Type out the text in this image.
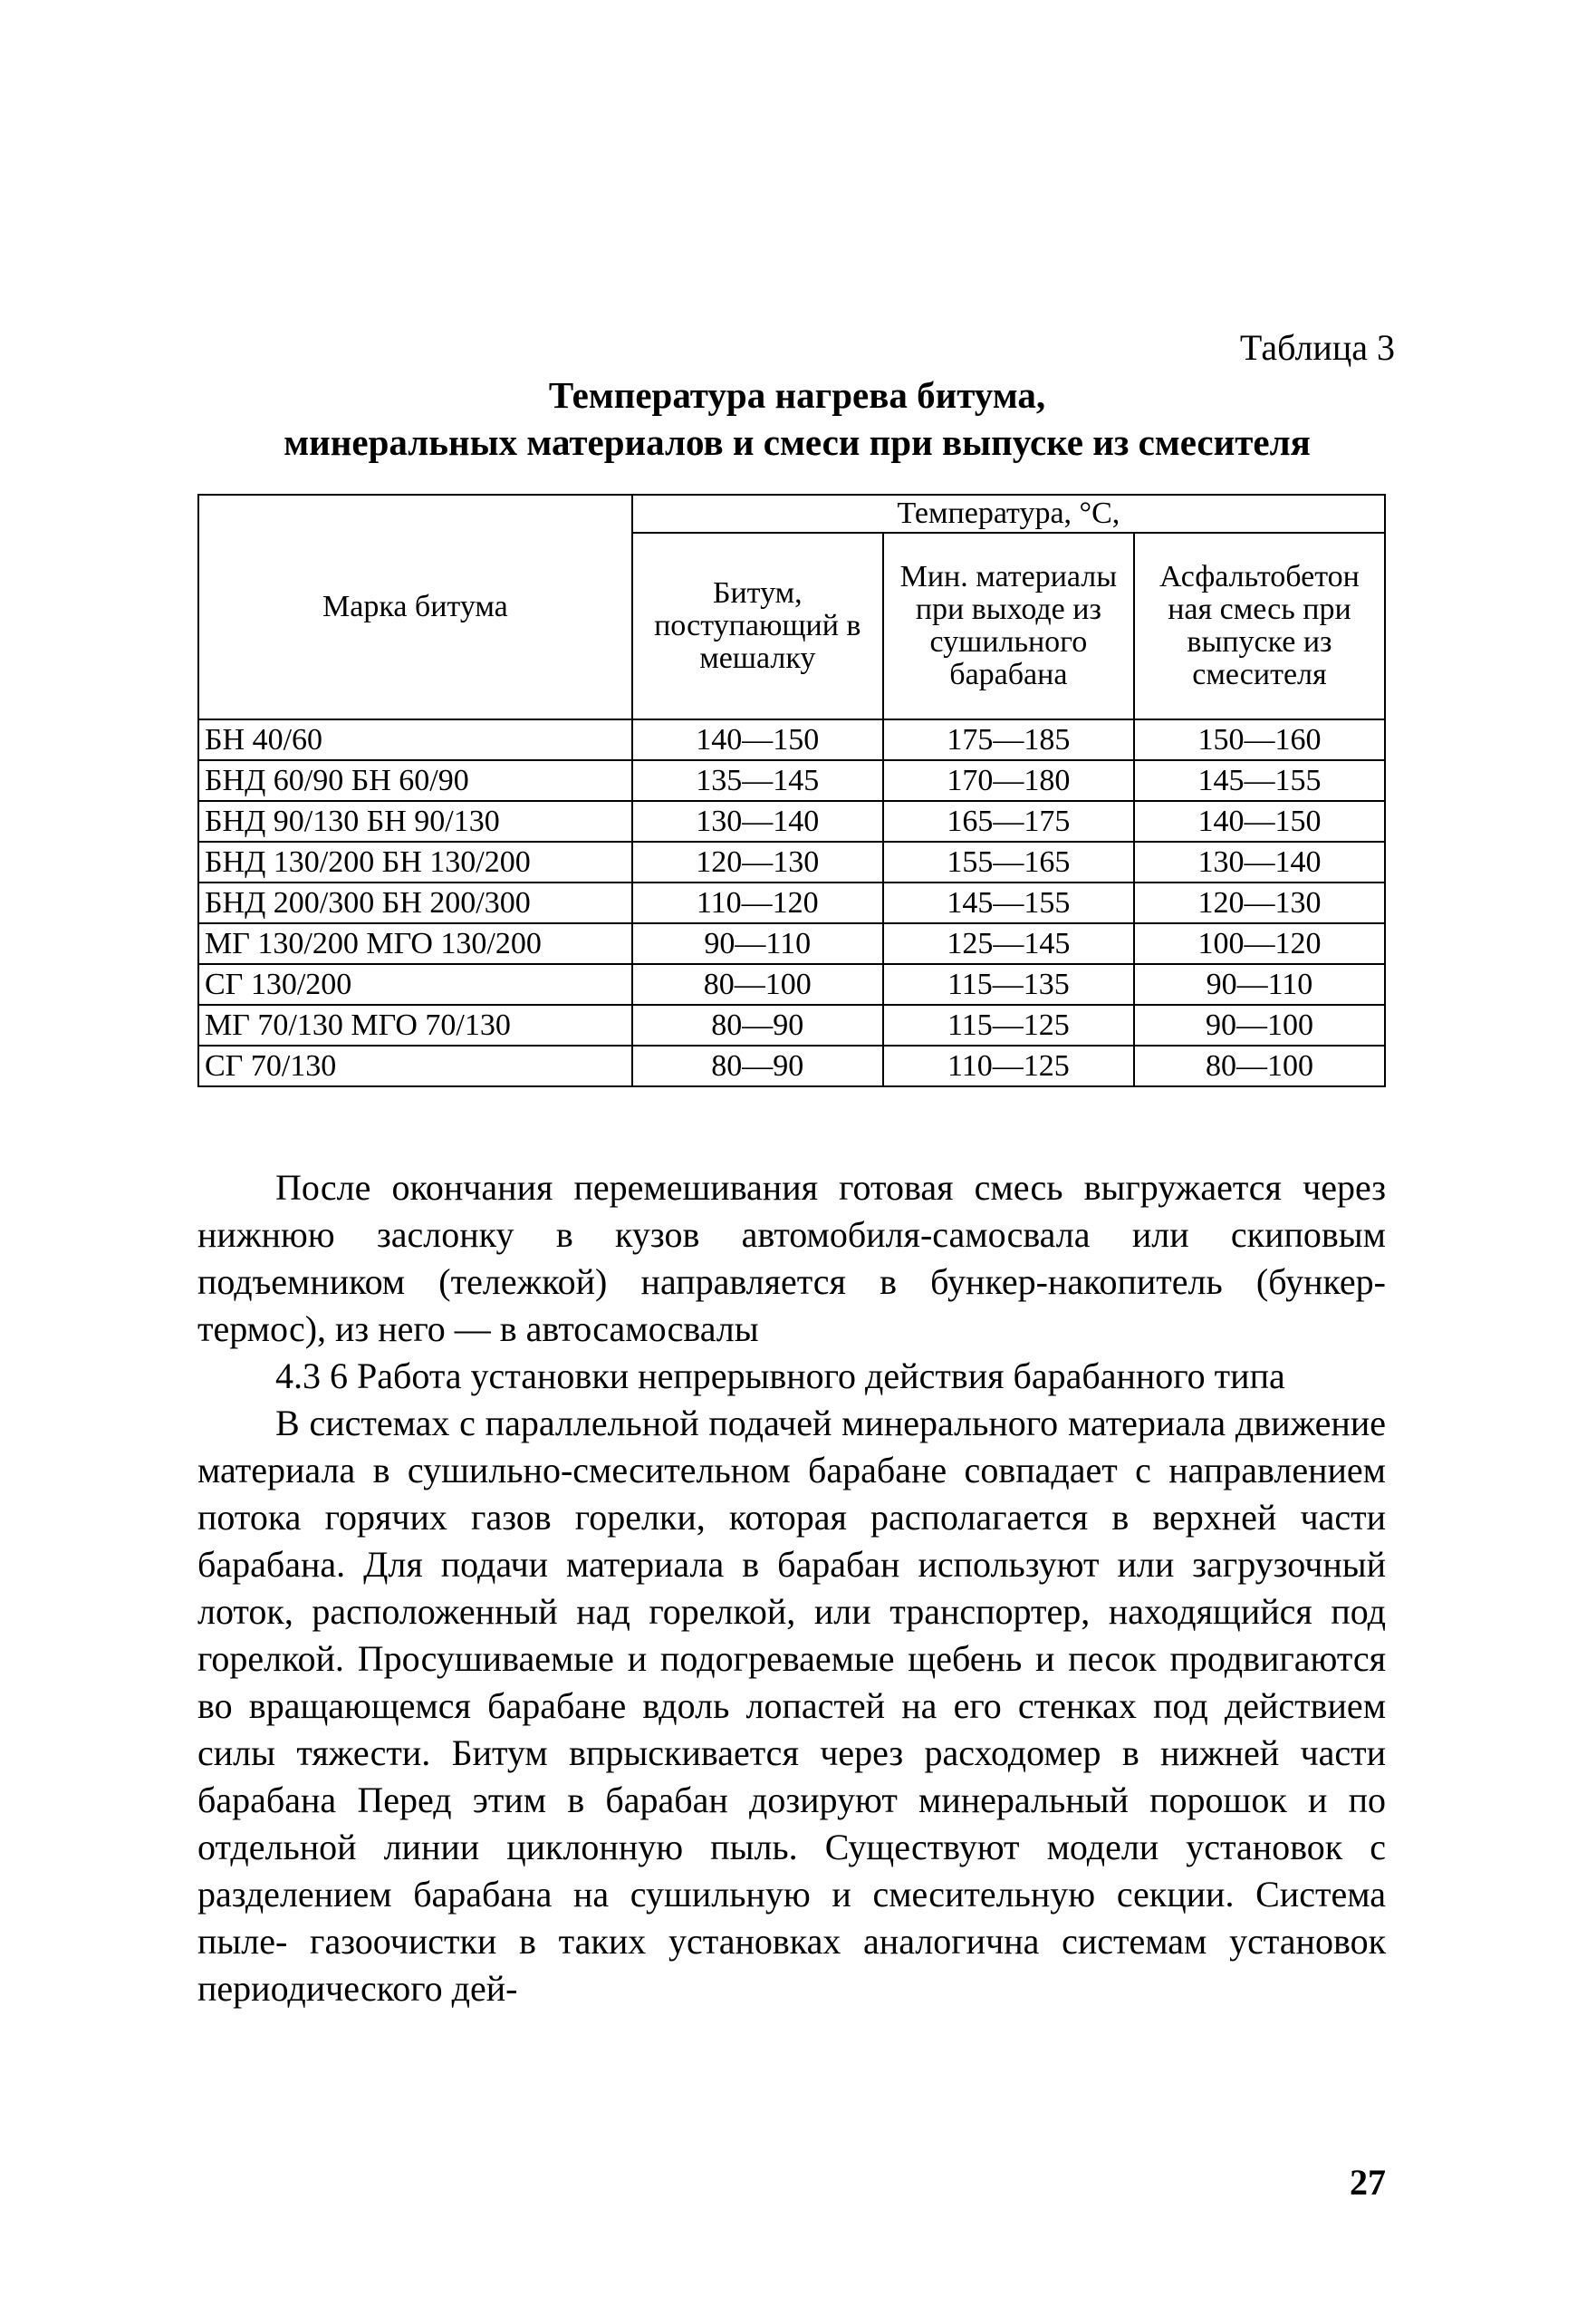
Таблица 3
Температура нагрева битума,
минеральных материалов и смеси при выпуске из смесителя
Марка битума	Температура, °С,		
	Битум, поступающий в мешалку	Мин. материалы при выходе из сушильного барабана	Асфальтобетон ная смесь при выпуске из смесителя
БН 40/60	140—150	175—185	150—160
БНД 60/90 БН 60/90	135—145	170—180	145—155
БНД 90/130 БН 90/130	130—140	165—175	140—150
БНД 130/200 БН 130/200	120—130	155—165	130—140
БНД 200/300 БН 200/300	110—120	145—155	120—130
МГ 130/200 МГО 130/200	90—110	125—145	100—120
СГ 130/200	80—100	115—135	90—110
МГ 70/130 МГО 70/130	80—90	115—125	90—100
СГ 70/130	80—90	110—125	80—100

После окончания перемешивания готовая смесь выгружается через нижнюю заслонку в кузов автомобиля-самосвала или скиповым подъемником (тележкой) направляется в бункер-накопитель (бункер-термос), из него — в автосамосвалы

4.3 6 Работа установки непрерывного действия барабанного типа

В системах с параллельной подачей минерального материала движение материала в сушильно-смесительном барабане совпадает с направлением потока горячих газов горелки, которая располагается в верхней части барабана. Для подачи материала в барабан используют или загрузочный лоток, расположенный над горелкой, или транспортер, находящийся под горелкой. Просушиваемые и подогреваемые щебень и песок продвигаются во вращающемся барабане вдоль лопастей на его стенках под действием силы тяжести. Битум впрыскивается через расходомер в нижней части барабана Перед этим в барабан дозируют минеральный порошок и по отдельной линии циклонную пыль. Существуют модели установок с разделением барабана на сушильную и смесительную секции. Система пыле- газоочистки в таких установках аналогична системам установок периодического дей-

27
